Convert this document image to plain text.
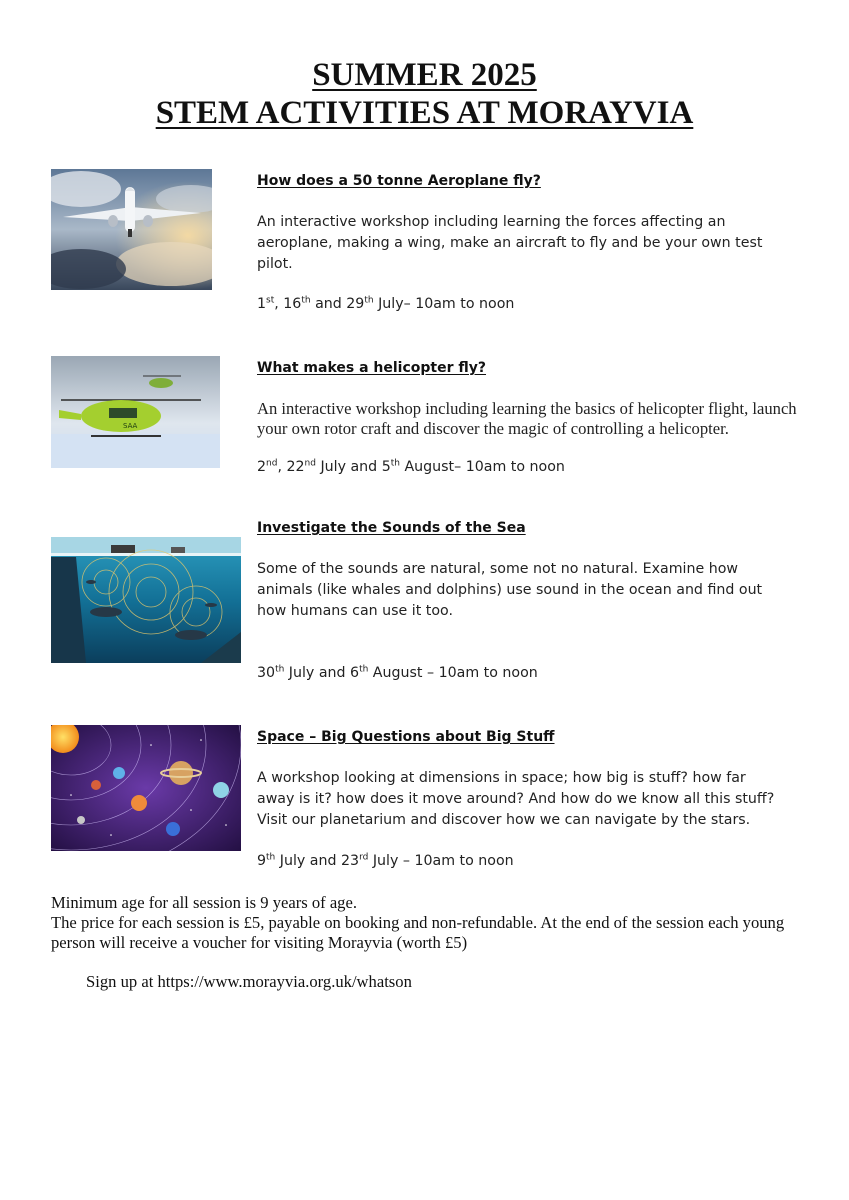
SUMMER 2025
STEM ACTIVITIES AT MORAYVIA

How does a 50 tonne Aeroplane fly?

An interactive workshop including learning the forces affecting an aeroplane, making a wing, make an aircraft to fly and be your own test pilot.

1st, 16th and 29th July– 10am to noon

SAA

What makes a helicopter fly?

An interactive workshop including learning the basics of helicopter flight, launch your own rotor craft and discover the magic of controlling a helicopter.

2nd, 22nd July and 5th August– 10am to noon

Investigate the Sounds of the Sea

Some of the sounds are natural, some not no natural. Examine how animals (like whales and dolphins) use sound in the ocean and find out how humans can use it too.

30th July and 6th August – 10am to noon

Space – Big Questions about Big Stuff

A workshop looking at dimensions in space; how big is stuff? how far away is it? how does it move around? And how do we know all this stuff? Visit our planetarium and discover how we can navigate by the stars.

9th July and 23rd July – 10am to noon

Minimum age for all session is 9 years of age.

The price for each session is £5, payable on booking and non-refundable. At the end of the session each young person will receive a voucher for visiting Morayvia (worth £5)

Sign up at https://www.morayvia.org.uk/whatson
